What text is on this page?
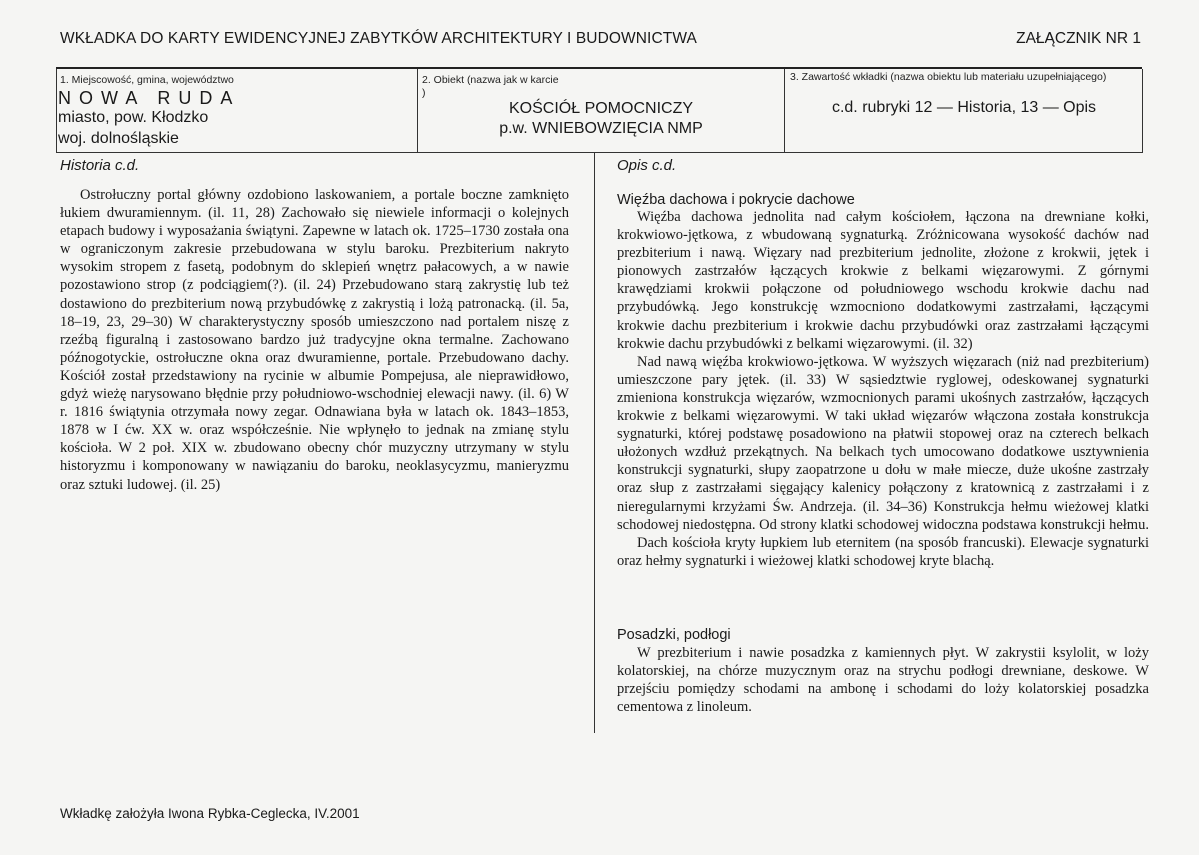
WKŁADKA DO KARTY EWIDENCYJNEJ ZABYTKÓW ARCHITEKTURY I BUDOWNICTWA	ZAŁĄCZNIK NR 1
1. Miejscowość, gmina, województwo
NOWA RUDA
miasto, pow. Kłodzko
woj. dolnośląskie
2. Obiekt (nazwa jak w karcie
)
KOŚCIÓŁ POMOCNICZY
p.w. WNIEBOWZIĘCIA NMP
3. Zawartość wkładki (nazwa obiektu lub materiału uzupełniającego)
c.d. rubryki 12 — Historia, 13 — Opis
Historia c.d.

Ostrołuczny portal główny ozdobiono laskowaniem, a portale boczne zamknięto łukiem dwuramiennym. (il. 11, 28) Zachowało się niewiele informacji o kolejnych etapach budowy i wyposażania świątyni. Zapewne w latach ok. 1725–1730 została ona w ograniczonym zakresie przebudowana w stylu baroku. Prezbiterium nakryto wysokim stropem z fasetą, podobnym do sklepień wnętrz pałacowych, a w nawie pozostawiono strop (z podciągiem(?). (il. 24) Przebudowano starą zakrystię lub też dostawiono do prezbiterium nową przybudówkę z zakrystią i lożą patronacką. (il. 5a, 18–19, 23, 29–30) W charakterystyczny sposób umieszczono nad portalem niszę z rzeźbą figuralną i zastosowano bardzo już tradycyjne okna termalne. Zachowano późnogotyckie, ostrołuczne okna oraz dwuramienne, portale. Przebudowano dachy. Kościół został przedstawiony na rycinie w albumie Pompejusa, ale nieprawidłowo, gdyż wieżę narysowano błędnie przy południowo-wschodniej elewacji nawy. (il. 6) W r. 1816 świątynia otrzymała nowy zegar. Odnawiana była w latach ok. 1843–1853, 1878 w I ćw. XX w. oraz współcześnie. Nie wpłynęło to jednak na zmianę stylu kościoła. W 2 poł. XIX w. zbudowano obecny chór muzyczny utrzymany w stylu historyzmu i komponowany w nawiązaniu do baroku, neoklasycyzmu, manieryzmu oraz sztuki ludowej. (il. 25)

Opis c.d.
Więźba dachowa i pokrycie dachowe

Więźba dachowa jednolita nad całym kościołem, łączona na drewniane kołki, krokwiowo-jętkowa, z wbudowaną sygnaturką. Zróżnicowana wysokość dachów nad prezbiterium i nawą. Więzary nad prezbiterium jednolite, złożone z krokwii, jętek i pionowych zastrzałów łączących krokwie z belkami więzarowymi. Z górnymi krawędziami krokwii połączone od południowego wschodu krokwie dachu nad przybudówką. Jego konstrukcję wzmocniono dodatkowymi zastrzałami, łączącymi krokwie dachu prezbiterium i krokwie dachu przybudówki oraz zastrzałami łączącymi krokwie dachu przybudówki z belkami więzarowymi. (il. 32)

Nad nawą więźba krokwiowo-jętkowa. W wyższych więzarach (niż nad prezbiterium) umieszczone pary jętek. (il. 33) W sąsiedztwie ryglowej, odeskowanej sygnaturki zmieniona konstrukcja więzarów, wzmocnionych parami ukośnych zastrzałów, łączących krokwie z belkami więzarowymi. W taki układ więzarów włączona została konstrukcja sygnaturki, której podstawę posadowiono na płatwii stopowej oraz na czterech belkach ułożonych wzdłuż przekątnych. Na belkach tych umocowano dodatkowe usztywnienia konstrukcji sygnaturki, słupy zaopatrzone u dołu w małe miecze, duże ukośne zastrzały oraz słup z zastrzałami sięgający kalenicy połączony z kratownicą z zastrzałami i z nieregularnymi krzyżami Św. Andrzeja. (il. 34–36) Konstrukcja hełmu wieżowej klatki schodowej niedostępna. Od strony klatki schodowej widoczna podstawa konstrukcji hełmu.

Dach kościoła kryty łupkiem lub eternitem (na sposób francuski). Elewacje sygnaturki oraz hełmy sygnaturki i wieżowej klatki schodowej kryte blachą.

Posadzki, podłogi

W prezbiterium i nawie posadzka z kamiennych płyt. W zakrystii ksylolit, w loży kolatorskiej, na chórze muzycznym oraz na strychu podłogi drewniane, deskowe. W przejściu pomiędzy schodami na ambonę i schodami do loży kolatorskiej posadzka cementowa z linoleum.

Wkładkę założyła Iwona Rybka-Ceglecka, IV.2001
